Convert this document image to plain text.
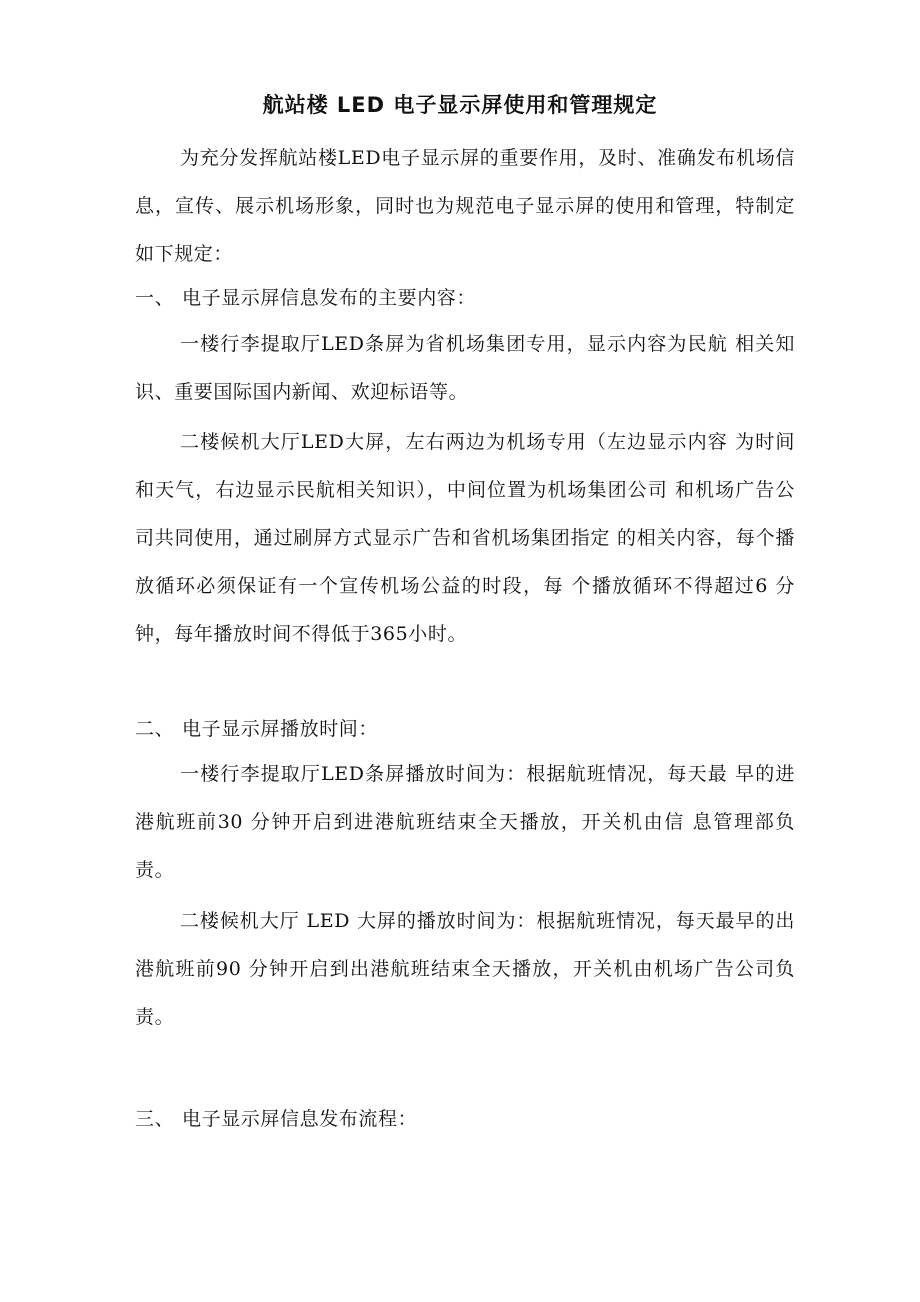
航站楼 LED 电子显示屏使用和管理规定

为充分发挥航站楼LED电子显示屏的重要作用，及时、准确发布机场信息，宣传、展示机场形象，同时也为规范电子显示屏的使用和管理，特制定如下规定：

一、 电子显示屏信息发布的主要内容：

一楼行李提取厅LED条屏为省机场集团专用，显示内容为民航 相关知识、重要国际国内新闻、欢迎标语等。

二楼候机大厅LED大屏，左右两边为机场专用（左边显示内容 为时间和天气，右边显示民航相关知识），中间位置为机场集团公司 和机场广告公司共同使用，通过刷屏方式显示广告和省机场集团指定 的相关内容，每个播放循环必须保证有一个宣传机场公益的时段，每 个播放循环不得超过6 分钟，每年播放时间不得低于365小时。

二、 电子显示屏播放时间：

一楼行李提取厅LED条屏播放时间为：根据航班情况，每天最 早的进港航班前30 分钟开启到进港航班结束全天播放，开关机由信 息管理部负责。

二楼候机大厅 LED 大屏的播放时间为：根据航班情况，每天最早的出港航班前90 分钟开启到出港航班结束全天播放，开关机由机场广告公司负责。

三、 电子显示屏信息发布流程：
